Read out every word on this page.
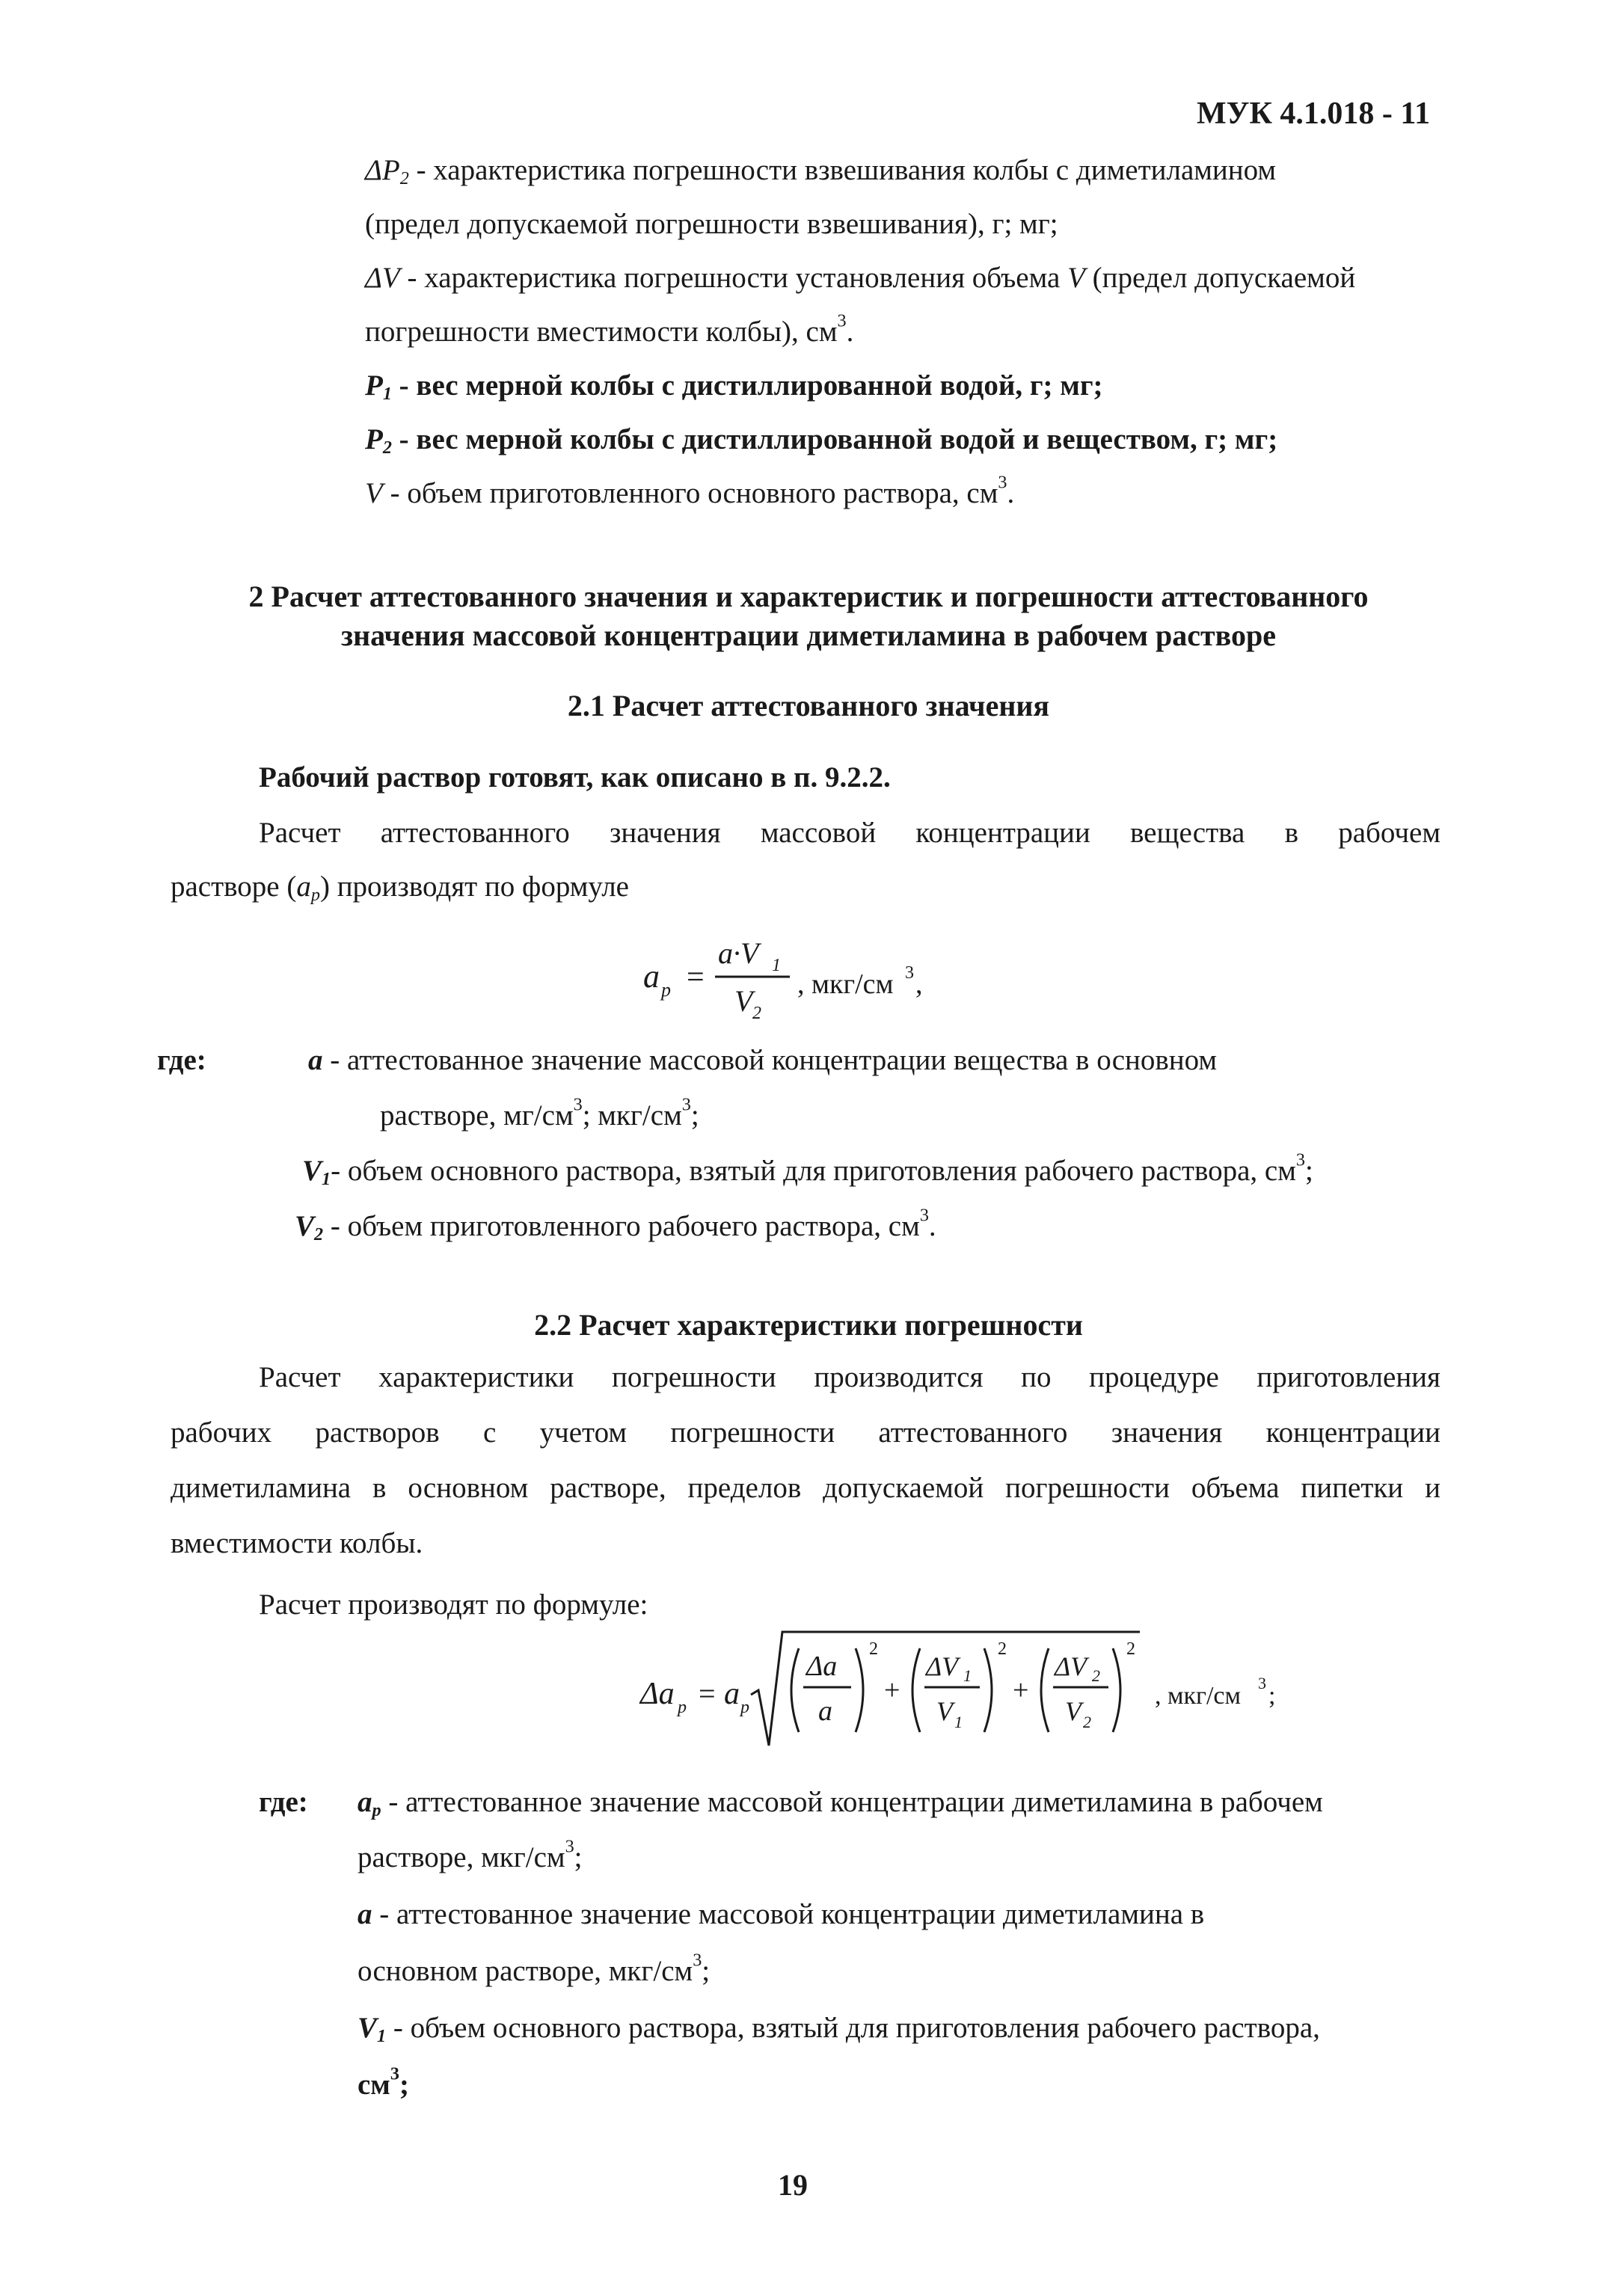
МУК 4.1.018 - 11
$\Delta P_2$ - характеристика погрешности взвешивания колбы с диметиламином
(предел допускаемой погрешности взвешивания), г; мг;
ΔV - характеристика погрешности установления объема V (предел допускаемой
погрешности вместимости колбы), $см^3$.
$P_1$ - вес мерной колбы с дистиллированной водой, г; мг;
$P_2$ - вес мерной колбы с дистиллированной водой и веществом, г; мг;
V - объем приготовленного основного раствора, $см^3$.
2 Расчет аттестованного значения и характеристик и погрешности аттестованного
значения массовой концентрации диметиламина в рабочем растворе
2.1 Расчет аттестованного значения
Рабочий раствор готовят, как описано в п. 9.2.2.
Расчет аттестованного значения массовой концентрации вещества в рабочем
растворе $(a_p)$ производят по формуле
a p =
a·V 1
V 2
, мкг/см 3 ,
где:	a - аттестованное значение массовой концентрации вещества в основном
растворе, $мг/см^3$; мкг/$см^3$;
$V_1-$ объем основного раствора, взятый для приготовления рабочего раствора, $см^3$;
$V_2$ - объем приготовленного рабочего раствора, $см^3$.
2.2 Расчет характеристики погрешности
Расчет характеристики погрешности производится по процедуре приготовления
рабочих растворов с учетом погрешности аттестованного значения концентрации
диметиламина в основном растворе, пределов допускаемой погрешности объема пипетки и
вместимости колбы.
Расчет производят по формуле:
Δa p = a p
Δa
a
2
+
ΔV 1
V 1
2
+
ΔV 2
V 2
2
, мкг/см 3 ;
где: $a_p$ - аттестованное значение массовой концентрации диметиламина в рабочем
растворе, мкг/$см^3$;
a - аттестованное значение массовой концентрации диметиламина в
основном растворе, мкг/$см^3$;
$V_1$ - объем основного раствора, взятый для приготовления рабочего раствора,
$см^3$;
19
